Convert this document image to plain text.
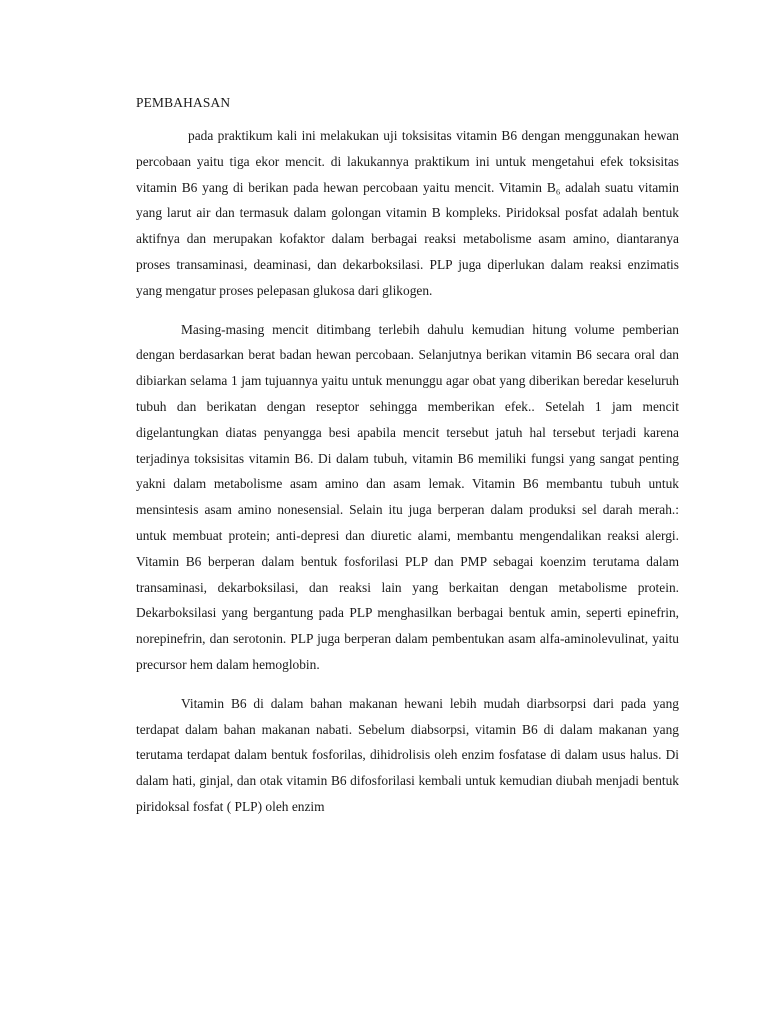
PEMBAHASAN

pada praktikum kali ini melakukan uji toksisitas vitamin B6 dengan menggunakan hewan percobaan yaitu tiga ekor mencit. di lakukannya praktikum ini untuk mengetahui efek toksisitas vitamin B6 yang di berikan pada hewan percobaan yaitu mencit. Vitamin B₆ adalah suatu vitamin yang larut air dan termasuk dalam golongan vitamin B kompleks. Piridoksal posfat adalah bentuk aktifnya dan merupakan kofaktor dalam berbagai reaksi metabolisme asam amino, diantaranya proses transaminasi, deaminasi, dan dekarboksilasi. PLP juga diperlukan dalam reaksi enzimatis yang mengatur proses pelepasan glukosa dari glikogen.

Masing-masing mencit ditimbang terlebih dahulu kemudian hitung volume pemberian dengan berdasarkan berat badan hewan percobaan. Selanjutnya berikan vitamin B6 secara oral dan dibiarkan selama 1 jam tujuannya yaitu untuk menunggu agar obat yang diberikan beredar keseluruh tubuh dan berikatan dengan reseptor sehingga memberikan efek.. Setelah 1 jam mencit digelantungkan diatas penyangga besi apabila mencit tersebut jatuh hal tersebut terjadi karena terjadinya toksisitas vitamin B6. Di dalam tubuh, vitamin B6 memiliki fungsi yang sangat penting yakni dalam metabolisme asam amino dan asam lemak. Vitamin B6 membantu tubuh untuk mensintesis asam amino nonesensial. Selain itu juga berperan dalam produksi sel darah merah.: untuk membuat protein; anti-depresi dan diuretic alami, membantu mengendalikan reaksi alergi. Vitamin B6 berperan dalam bentuk fosforilasi PLP dan PMP sebagai koenzim terutama dalam transaminasi, dekarboksilasi, dan reaksi lain yang berkaitan dengan metabolisme protein. Dekarboksilasi yang bergantung pada PLP menghasilkan berbagai bentuk amin, seperti epinefrin, norepinefrin, dan serotonin. PLP juga berperan dalam pembentukan asam alfa-aminolevulinat, yaitu precursor hem dalam hemoglobin.

Vitamin B6 di dalam bahan makanan hewani lebih mudah diarbsorpsi dari pada yang terdapat dalam bahan makanan nabati. Sebelum diabsorpsi, vitamin B6 di dalam makanan yang terutama terdapat dalam bentuk fosforilas, dihidrolisis oleh enzim fosfatase di dalam usus halus. Di dalam hati, ginjal, dan otak vitamin B6 difosforilasi kembali untuk kemudian diubah menjadi bentuk piridoksal fosfat ( PLP) oleh enzim
